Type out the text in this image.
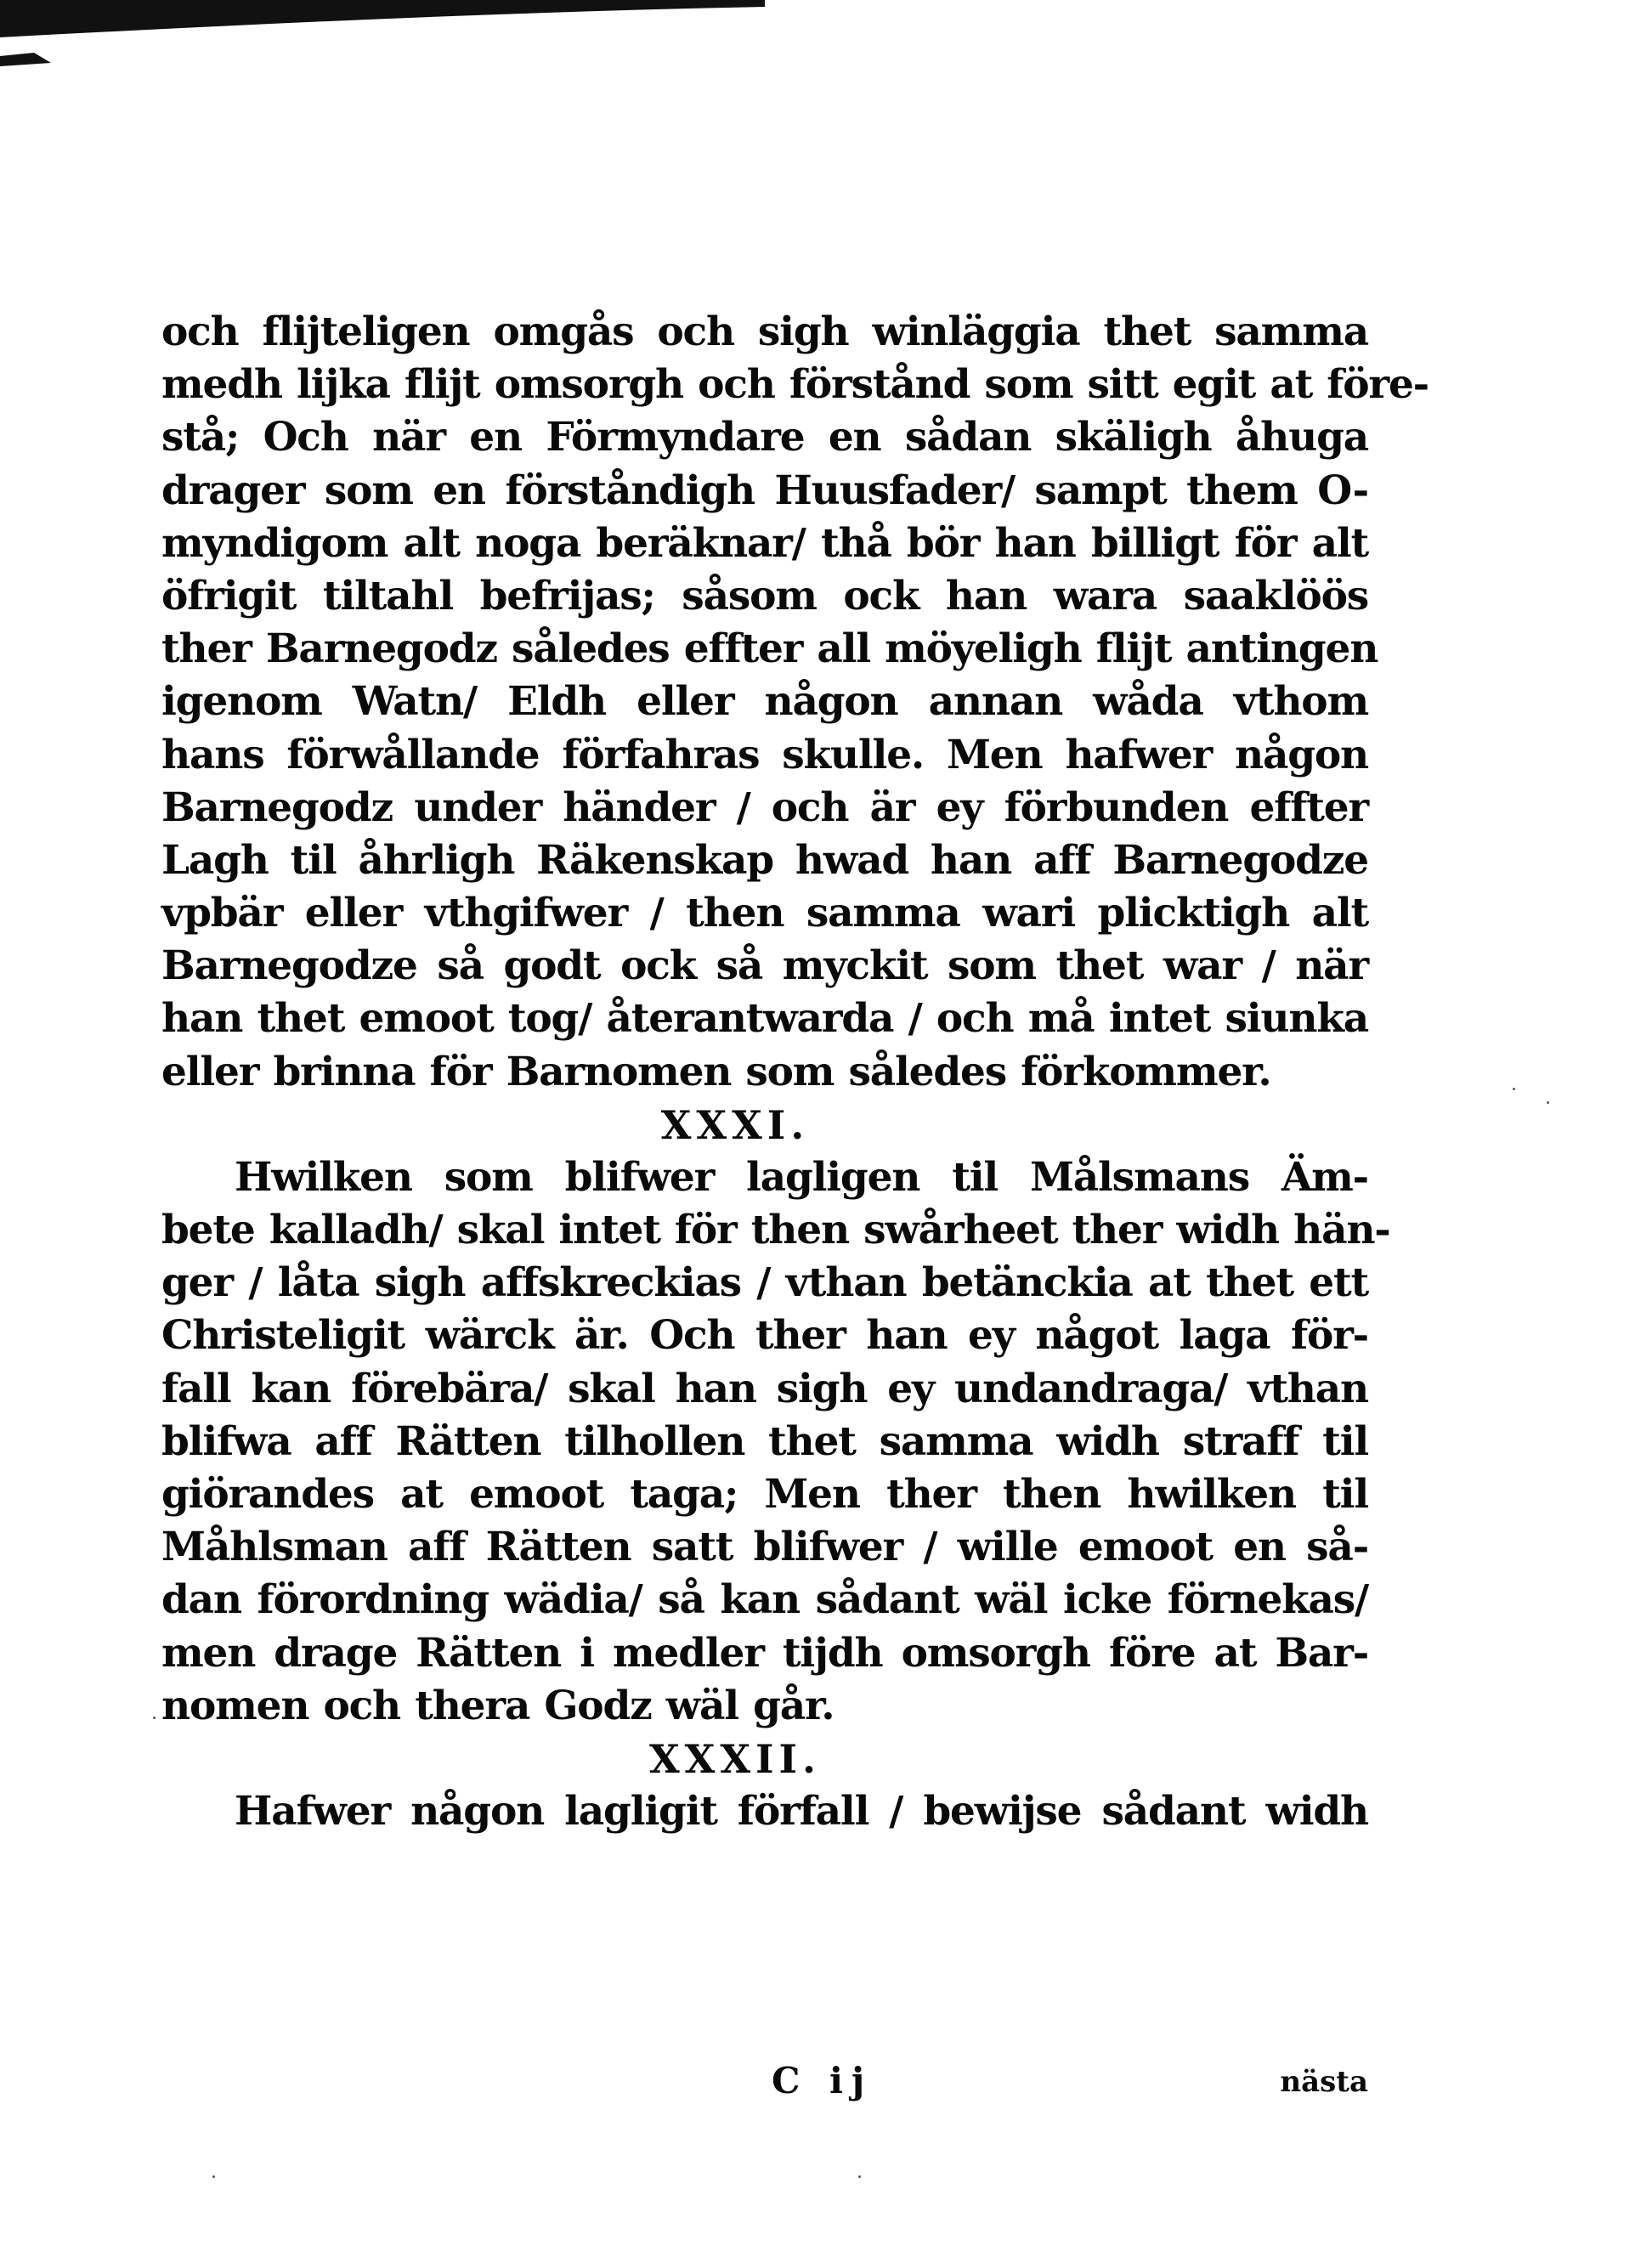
och flijteligen omgås och sigh winläggia thet samma
medh lijka flijt omsorgh och förstånd som sitt egit at före-
stå; Och när en Förmyndare en sådan skäligh åhuga
drager som en förståndigh Huusfader/ sampt them O-
myndigom alt noga beräknar/ thå bör han billigt för alt
öfrigit tiltahl befrijas; såsom ock han wara saaklöös
ther Barnegodz således effter all möyeligh flijt antingen
igenom Watn/ Eldh eller någon annan wåda vthom
hans förwållande förfahras skulle. Men hafwer någon
Barnegodz under händer / och är ey förbunden effter
Lagh til åhrligh Räkenskap hwad han aff Barnegodze
vpbär eller vthgifwer / then samma wari plicktigh alt
Barnegodze så godt ock så myckit som thet war / när
han thet emoot tog/ återantwarda / och må intet siunka
eller brinna för Barnomen som således förkommer.
XXXI.
Hwilken som blifwer lagligen til Målsmans Äm-
bete kalladh/ skal intet för then swårheet ther widh hän-
ger / låta sigh affskreckias / vthan betänckia at thet ett
Christeligit wärck är. Och ther han ey något laga för-
fall kan förebära/ skal han sigh ey undandraga/ vthan
blifwa aff Rätten tilhollen thet samma widh straff til
giörandes at emoot taga; Men ther then hwilken til
Måhlsman aff Rätten satt blifwer / wille emoot en så-
dan förordning wädia/ så kan sådant wäl icke förnekas/
men drage Rätten i medler tijdh omsorgh före at Bar-
nomen och thera Godz wäl går.
XXXII.
Hafwer någon lagligit förfall / bewijse sådant widh
C ij	nästa
